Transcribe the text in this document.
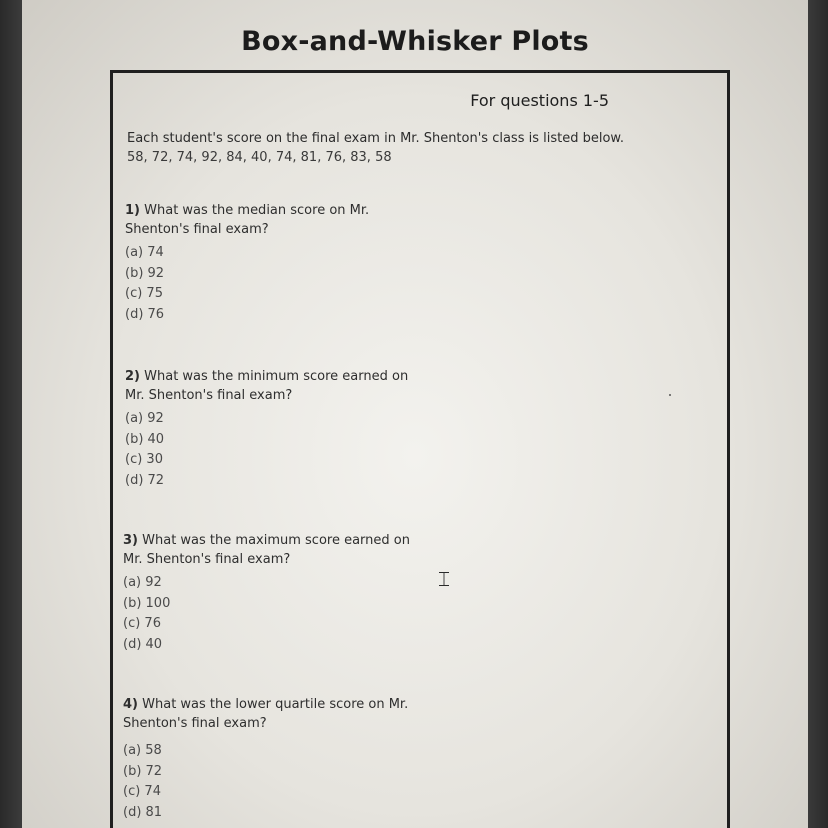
Box-and-Whisker Plots
For questions 1-5
Each student's score on the final exam in Mr. Shenton's class is listed below.
58, 72, 74, 92, 84, 40, 74, 81, 76, 83, 58
1) What was the median score on Mr.
Shenton's final exam?
(a) 74
(b) 92
(c) 75
(d) 76
2) What was the minimum score earned on
Mr. Shenton's final exam?
(a) 92
(b) 40
(c) 30
(d) 72
3) What was the maximum score earned on
Mr. Shenton's final exam?
(a) 92
(b) 100
(c) 76
(d) 40
4) What was the lower quartile score on Mr.
Shenton's final exam?
(a) 58
(b) 72
(c) 74
(d) 81
⌶
